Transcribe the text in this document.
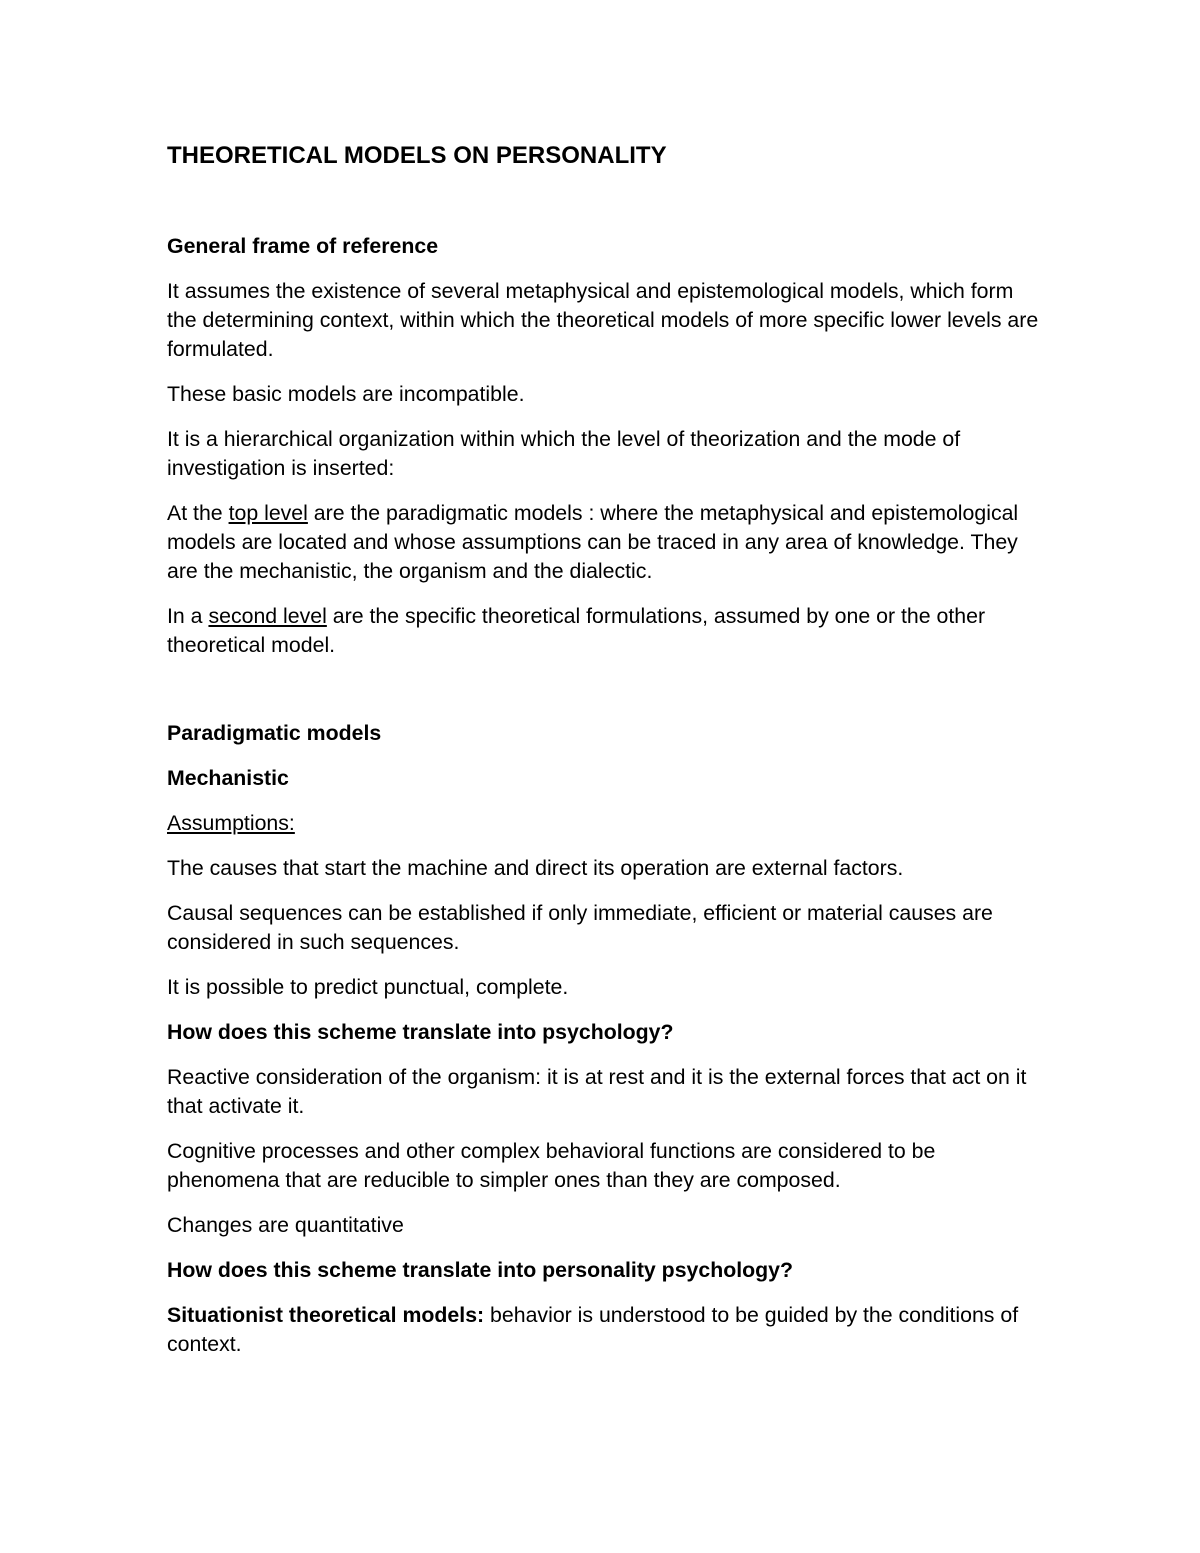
THEORETICAL MODELS ON PERSONALITY
General frame of reference

It assumes the existence of several metaphysical and epistemological models, which form the determining context, within which the theoretical models of more specific lower levels are formulated.

These basic models are incompatible.

It is a hierarchical organization within which the level of theorization and the mode of investigation is inserted:

At the top level are the paradigmatic models : where the metaphysical and epistemological models are located and whose assumptions can be traced in any area of knowledge. They are the mechanistic, the organism and the dialectic.

In a second level are the specific theoretical formulations, assumed by one or the other theoretical model.

Paradigmatic models
Mechanistic

Assumptions:

The causes that start the machine and direct its operation are external factors.

Causal sequences can be established if only immediate, efficient or material causes are considered in such sequences.

It is possible to predict punctual, complete.

How does this scheme translate into psychology?

Reactive consideration of the organism: it is at rest and it is the external forces that act on it that activate it.

Cognitive processes and other complex behavioral functions are considered to be phenomena that are reducible to simpler ones than they are composed.

Changes are quantitative

How does this scheme translate into personality psychology?

Situationist theoretical models: behavior is understood to be guided by the conditions of context.
